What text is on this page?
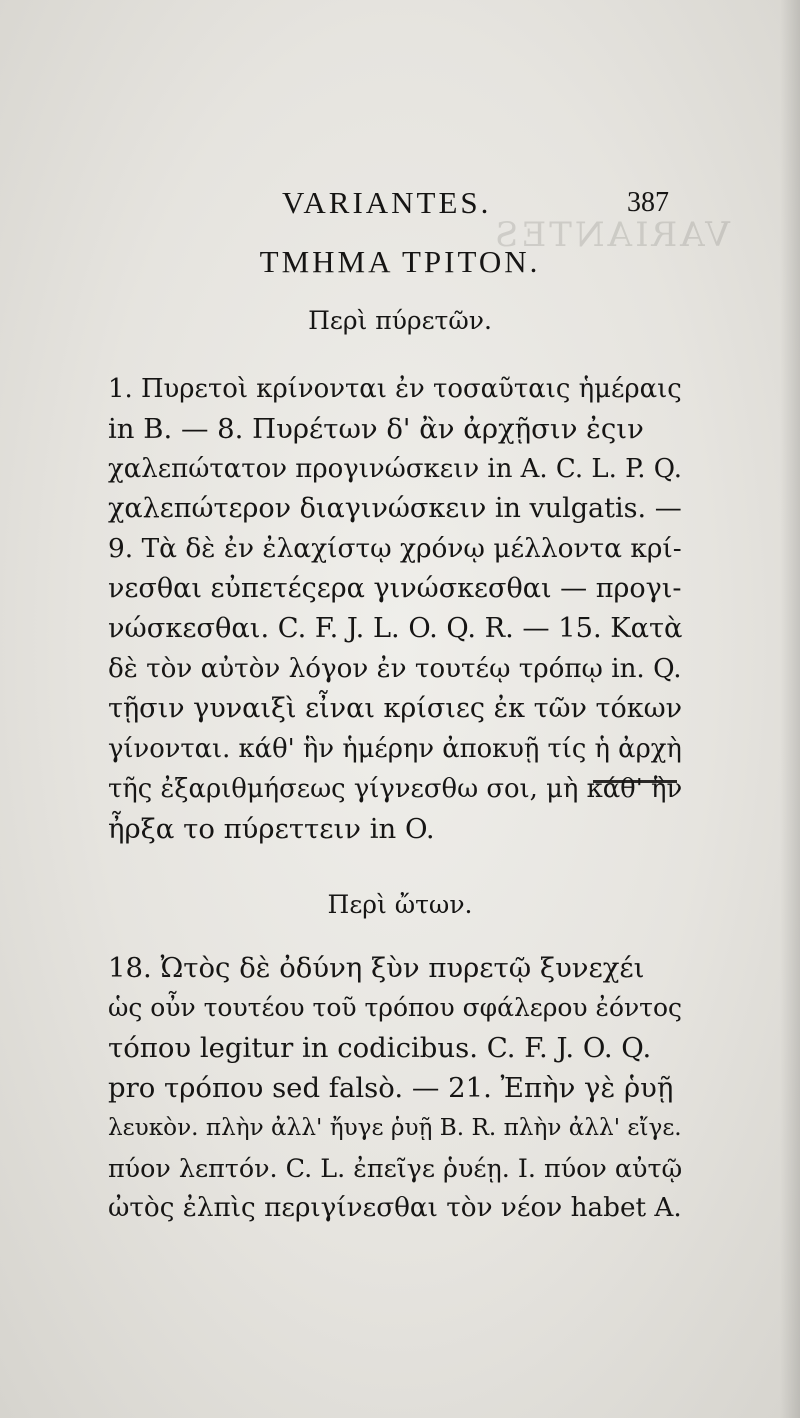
VARIANTES
VARIANTES.	387
ΤΜΗΜΑ ΤΡΙΤΟΝ.
Περὶ πύρετῶν.
1. Πυρετοὶ κρίνονται ἐν τοσαῦταις ἡμέραις
in B. — 8. Πυρέτων δ' ἂν ἀρχῇσιν ἐςιν
χαλεπώτατον προγινώσκειν in A. C. L. P. Q.
χαλεπώτερον διαγινώσκειν in vulgatis. —
9. Τὰ δὲ ἐν ἐλαχίστῳ χρόνῳ μέλλοντα κρί-
νεσθαι εὐπετέςερα γινώσκεσθαι — προγι-
νώσκεσθαι. C. F. J. L. O. Q. R. — 15. Κατὰ
δὲ τὸν αὐτὸν λόγον ἐν τουτέῳ τρόπῳ in. Q.
τῇσιν γυναιξὶ εἶναι κρίσιες ἐκ τῶν τόκων
γίνονται. κάθ' ἣν ἡμέρην ἀποκυῇ τίς ἡ ἀρχὴ
τῆς ἐξαριθμήσεως γίγνεσθω σοι, μὴ κάθ' ἣν
ἦρξα το πύρεττειν in O.
Περὶ ὤτων.
18. Ὠτὸς δὲ ὀδύνη ξὺν πυρετῷ ξυνεχέι
ὡς οὖν τουτέου τοῦ τρόπου σφάλερου ἐόντος
τόπου legitur in codicibus. C. F. J. O. Q.
pro τρόπου sed falsò. — 21. Ἐπὴν γὲ ῥυῇ
λευκὸν. πλὴν ἀλλ' ἤυγε ῥυῇ B. R. πλὴν ἀλλ' εἴγε.
πύον λεπτόν. C. L. ἐπεῖγε ῥυέῃ. I. πύον αὐτῷ
ὠτὸς ἐλπὶς περιγίνεσθαι τὸν νέον habet A.
